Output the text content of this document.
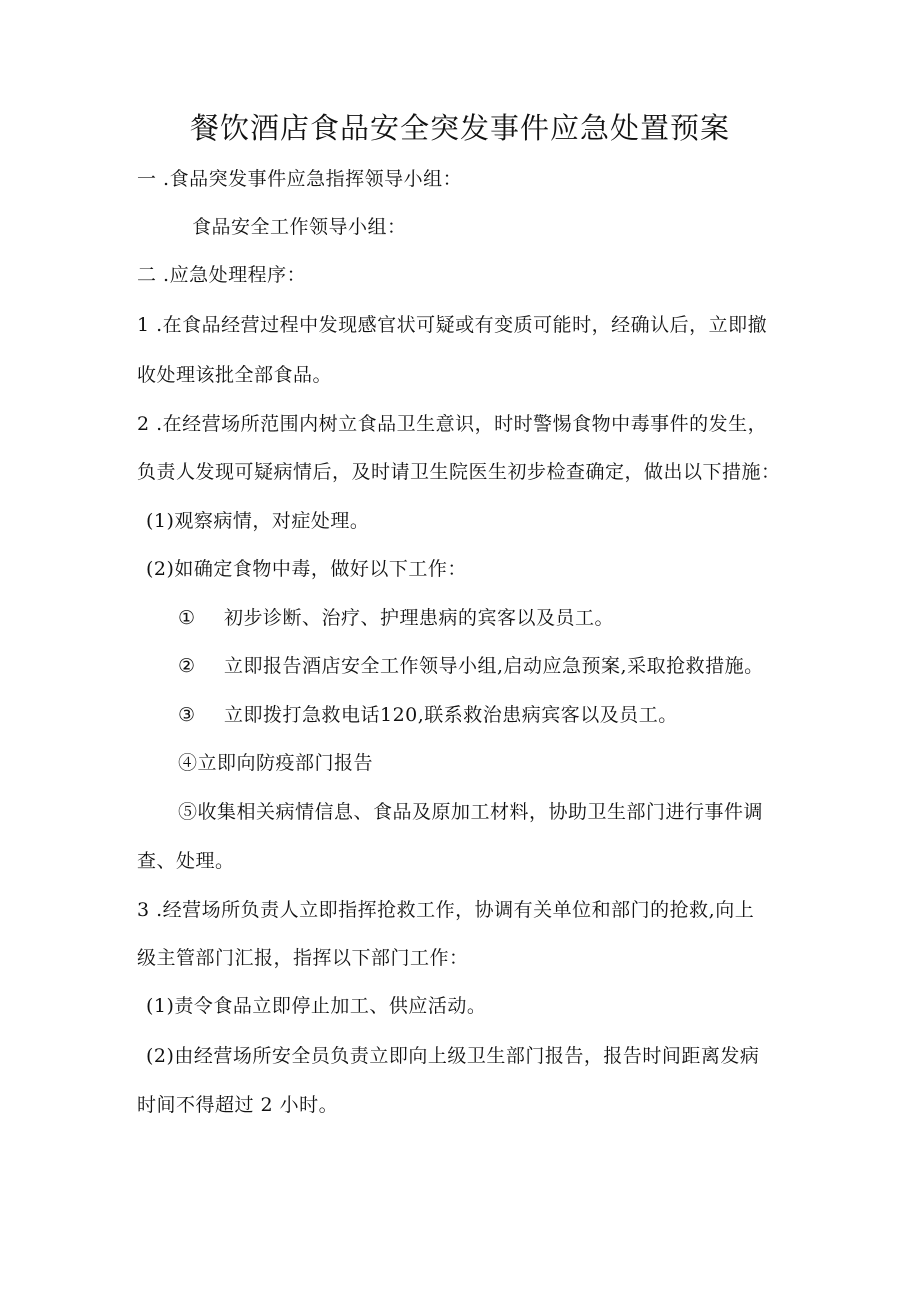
餐饮酒店食品安全突发事件应急处置预案
一 .食品突发事件应急指挥领导小组：
食品安全工作领导小组：
二 .应急处理程序：
1 .在食品经营过程中发现感官状可疑或有变质可能时，经确认后，立即撤
收处理该批全部食品。
2 .在经营场所范围内树立食品卫生意识，时时警惕食物中毒事件的发生，
负责人发现可疑病情后，及时请卫生院医生初步检查确定，做出以下措施：
(1)观察病情，对症处理。
(2)如确定食物中毒，做好以下工作：
① 初步诊断、治疗、护理患病的宾客以及员工。
② 立即报告酒店安全工作领导小组,启动应急预案,采取抢救措施。
③ 立即拨打急救电话120,联系救治患病宾客以及员工。
④立即向防疫部门报告
⑤收集相关病情信息、食品及原加工材料，协助卫生部门进行事件调
查、处理。
3 .经营场所负责人立即指挥抢救工作，协调有关单位和部门的抢救,向上
级主管部门汇报，指挥以下部门工作：
(1)责令食品立即停止加工、供应活动。
(2)由经营场所安全员负责立即向上级卫生部门报告，报告时间距离发病
时间不得超过 2 小时。
